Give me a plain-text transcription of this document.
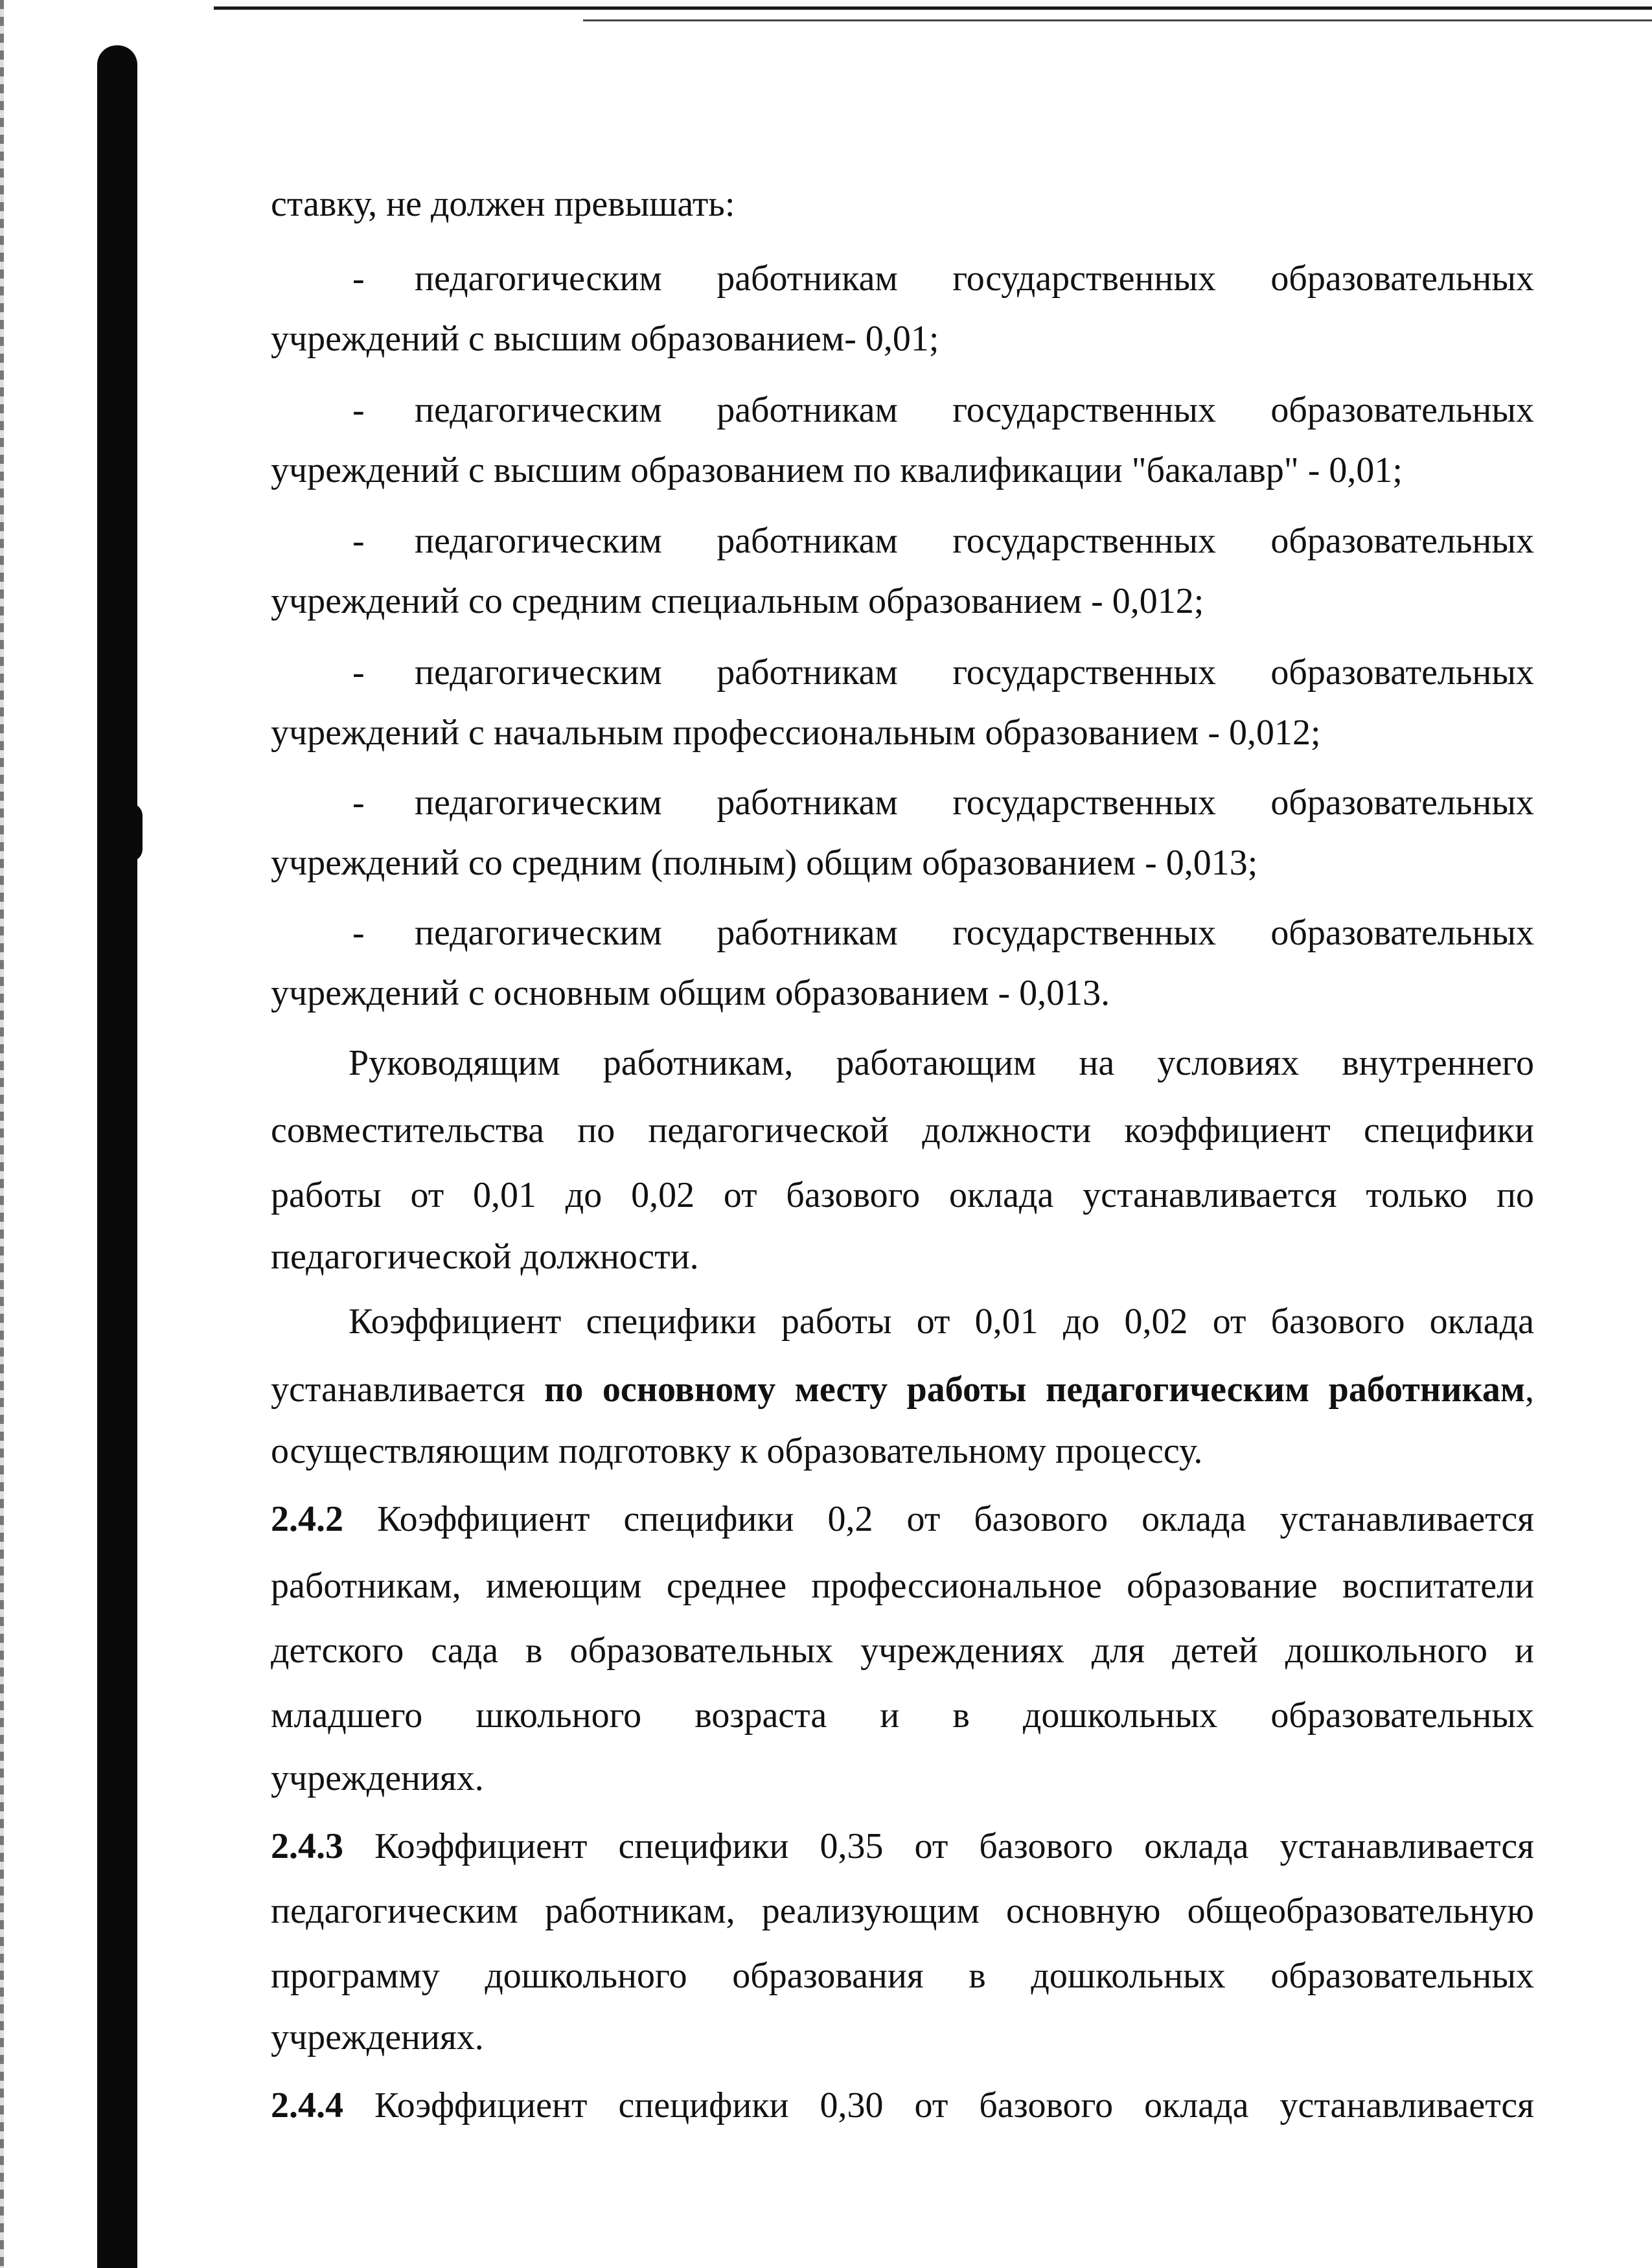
ставку, не должен превышать:
- педагогическим работникам государственных образовательных
учреждений с высшим образованием- 0,01;
- педагогическим работникам государственных образовательных
учреждений с высшим образованием по квалификации "бакалавр" - 0,01;
- педагогическим работникам государственных образовательных
учреждений со средним специальным образованием - 0,012;
- педагогическим работникам государственных образовательных
учреждений с начальным профессиональным образованием - 0,012;
- педагогическим работникам государственных образовательных
учреждений со средним (полным) общим образованием - 0,013;
- педагогическим работникам государственных образовательных
учреждений с основным общим образованием - 0,013.
Руководящим работникам, работающим на условиях внутреннего
совместительства по педагогической должности коэффициент специфики
работы от 0,01 до 0,02 от базового оклада устанавливается только по
педагогической должности.
Коэффициент специфики работы от 0,01 до 0,02 от базового оклада
устанавливается по основному месту работы педагогическим работникам,
осуществляющим подготовку к образовательному процессу.
2.4.2 Коэффициент специфики 0,2 от базового оклада устанавливается
работникам, имеющим среднее профессиональное образование воспитатели
детского сада в образовательных учреждениях для детей дошкольного и
младшего школьного возраста и в дошкольных образовательных
учреждениях.
2.4.3 Коэффициент специфики 0,35 от базового оклада устанавливается
педагогическим работникам, реализующим основную общеобразовательную
программу дошкольного образования в дошкольных образовательных
учреждениях.
2.4.4 Коэффициент специфики 0,30 от базового оклада устанавливается
